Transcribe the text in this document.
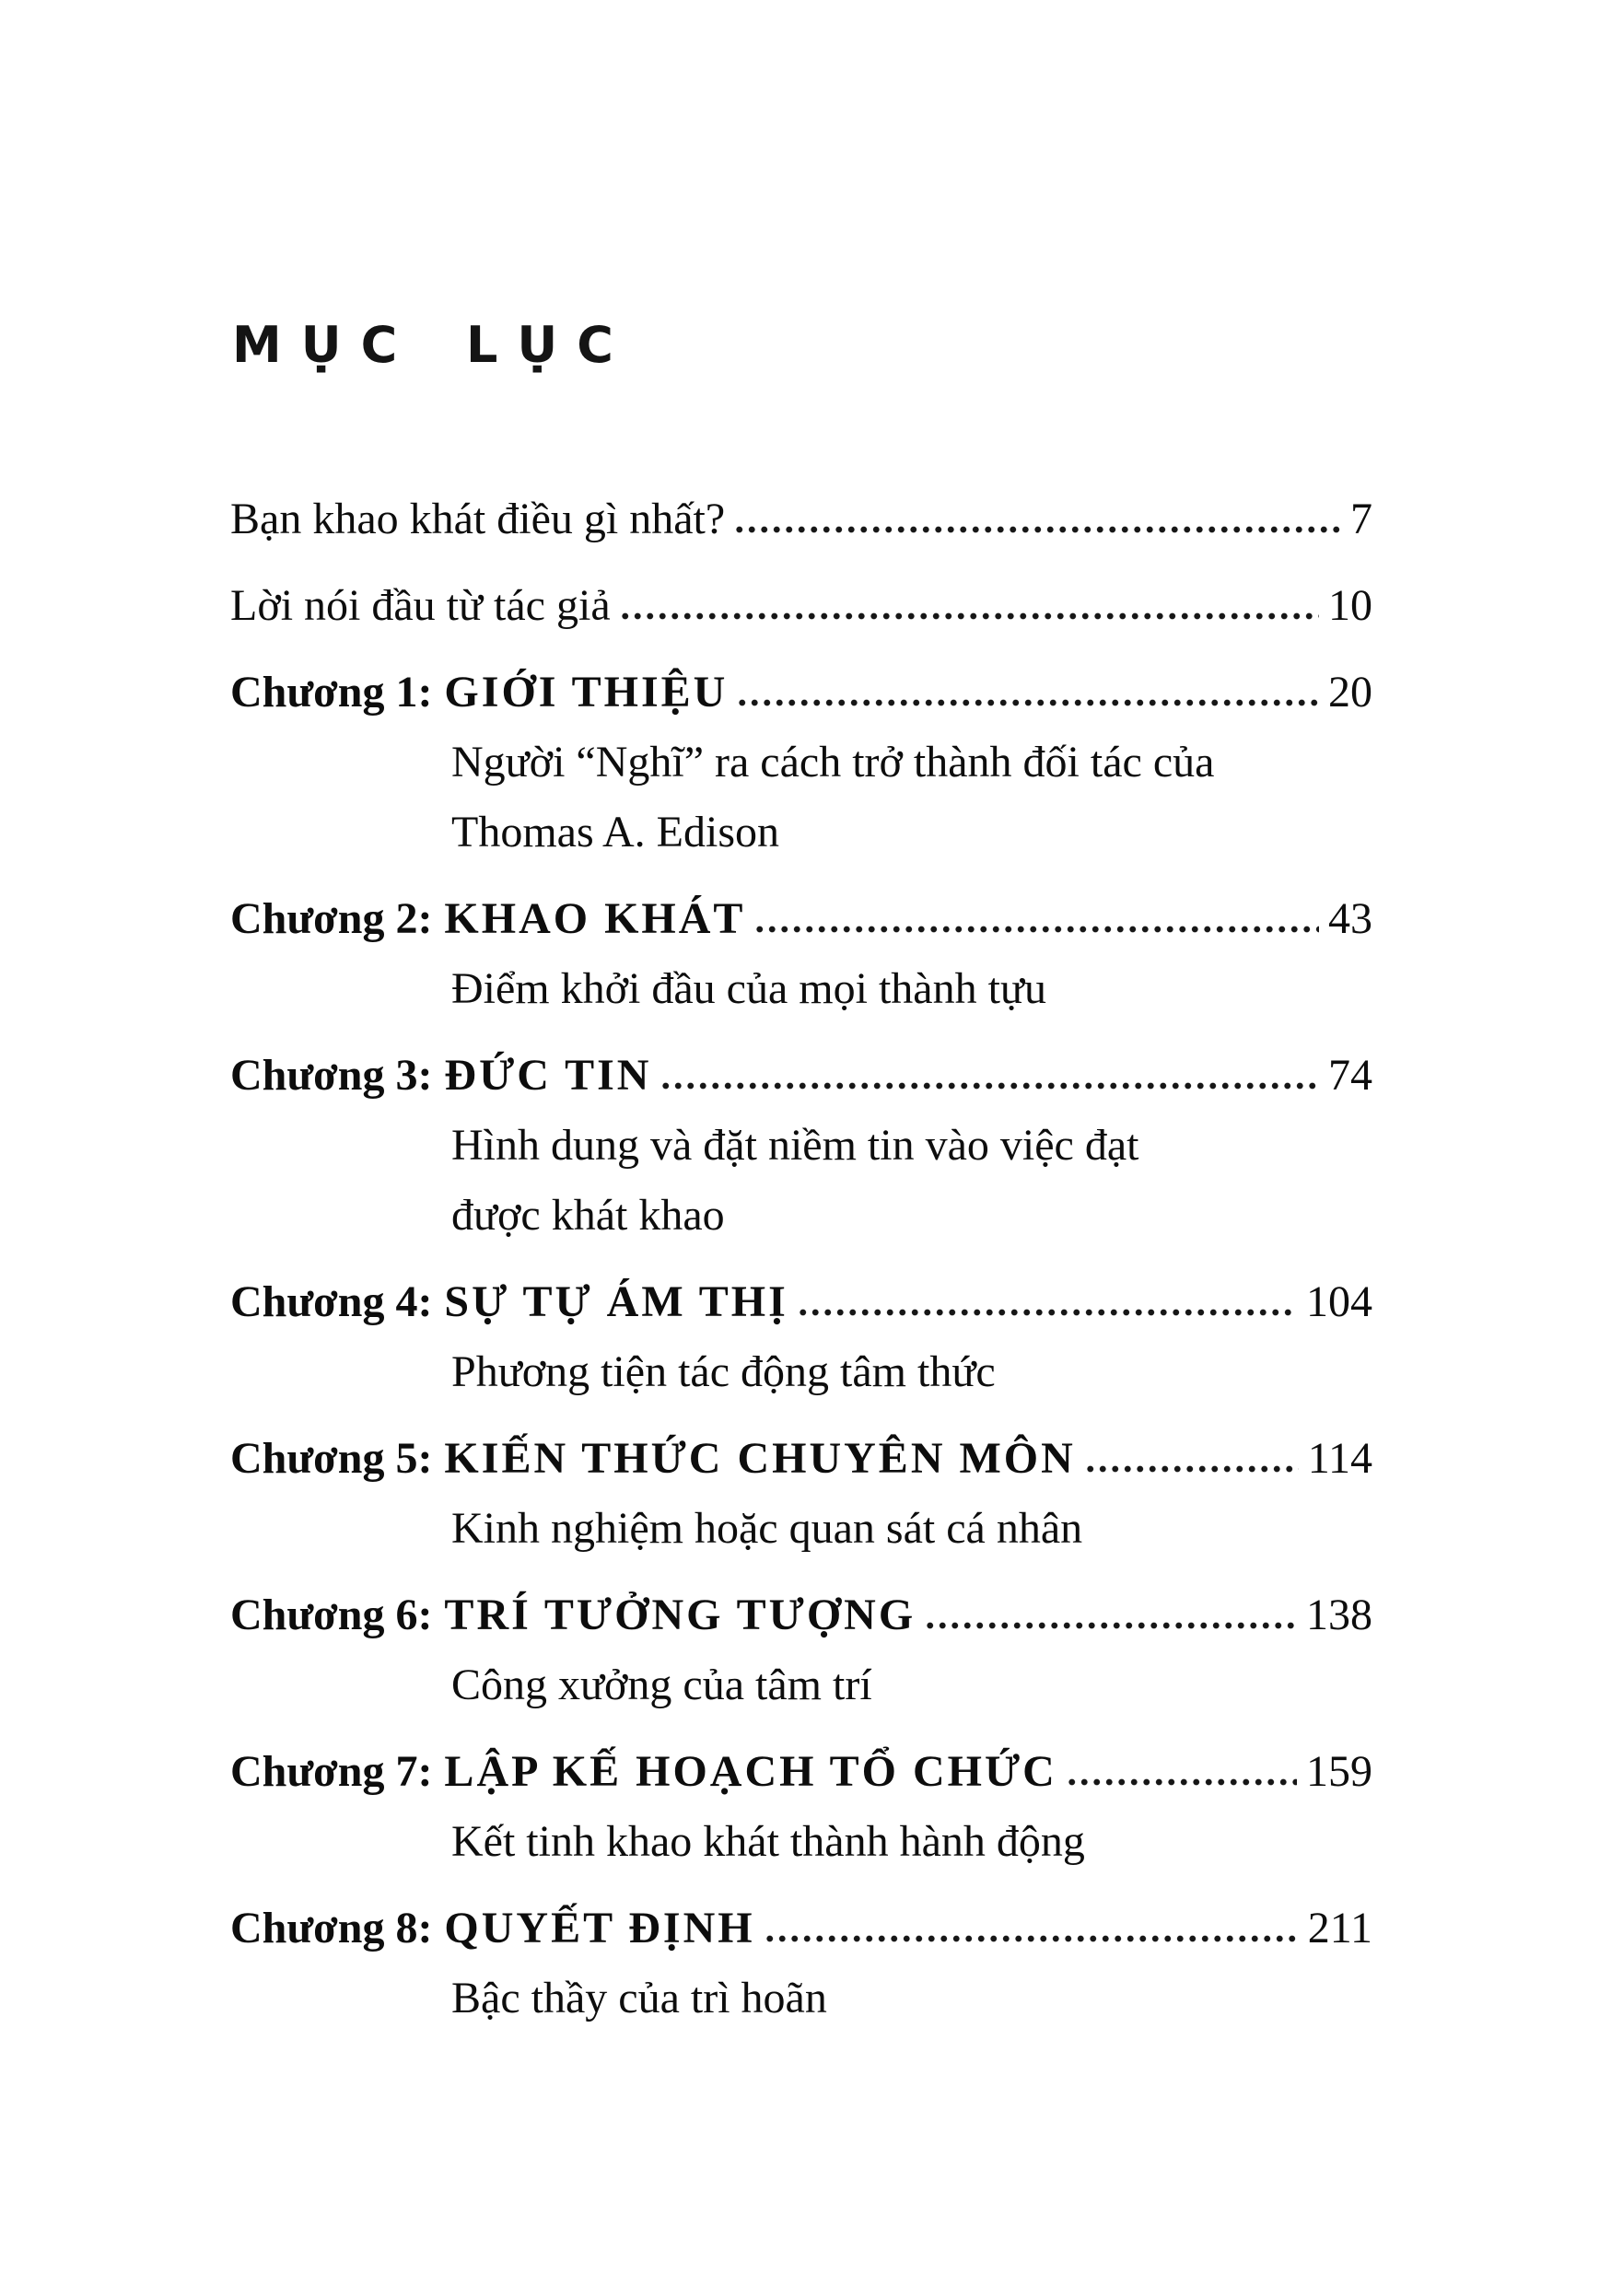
MỤC LỤC
Bạn khao khát điều gì nhất?	7
Lời nói đầu từ tác giả	10
Chương 1: GIỚI THIỆU	20
Người “Nghĩ” ra cách trở thành đối tác của
Thomas A. Edison
Chương 2: KHAO KHÁT	43
Điểm khởi đầu của mọi thành tựu
Chương 3: ĐỨC TIN	74
Hình dung và đặt niềm tin vào việc đạt
được khát khao
Chương 4: SỰ TỰ ÁM THỊ	104
Phương tiện tác động tâm thức
Chương 5: KIẾN THỨC CHUYÊN MÔN	114
Kinh nghiệm hoặc quan sát cá nhân
Chương 6: TRÍ TƯỞNG TƯỢNG	138
Công xưởng của tâm trí
Chương 7: LẬP KẾ HOẠCH TỔ CHỨC	159
Kết tinh khao khát thành hành động
Chương 8: QUYẾT ĐỊNH	211
Bậc thầy của trì hoãn
